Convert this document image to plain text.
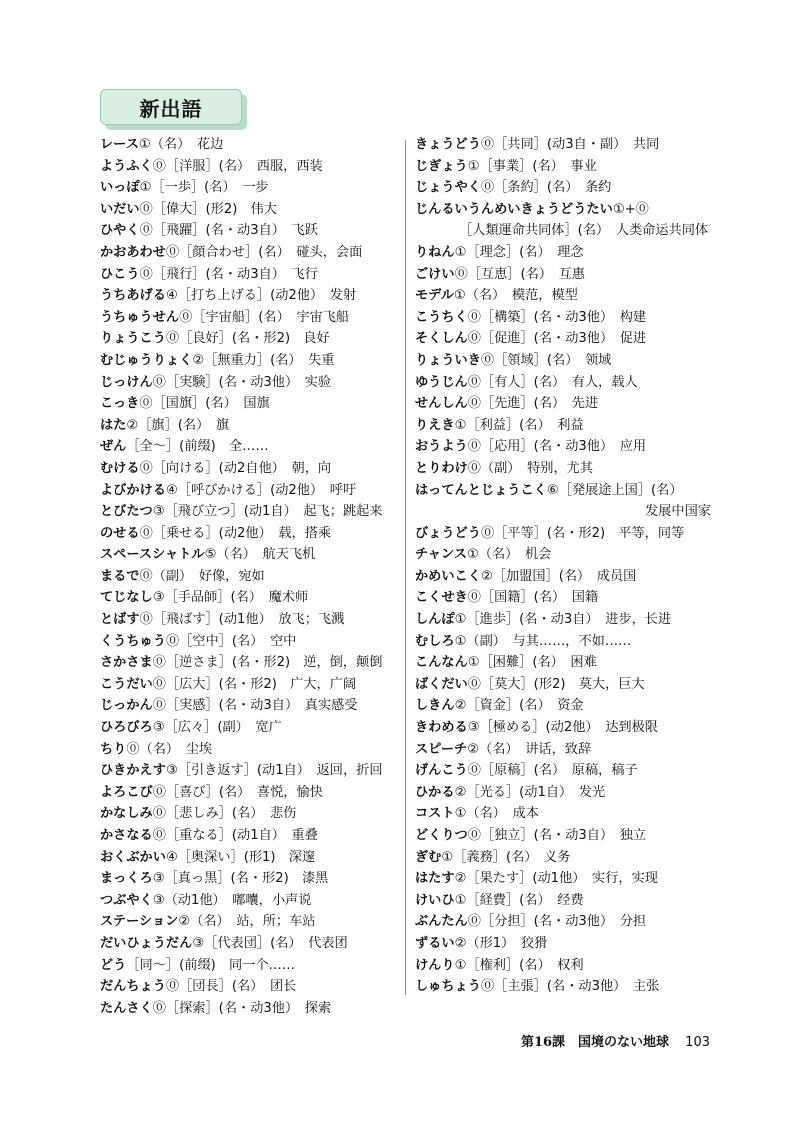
新出語
レース①（名）　花边
ようふく⓪［洋服］(名）　西服，西装
いっぽ①［一歩］(名）　一步
いだい⓪［偉大］(形2)　伟大
ひやく⓪［飛躍］(名・动3自）　飞跃
かおあわせ⓪［顔合わせ］(名）　碰头，会面
ひこう⓪［飛行］(名・动3自）　飞行
うちあげる④［打ち上げる］(动2他）　发射
うちゅうせん⓪［宇宙船］(名）　宇宙飞船
りょうこう⓪［良好］(名・形2)　良好
むじゅうりょく②［無重力］(名）　失重
じっけん⓪［実験］(名・动3他）　实验
こっき⓪［国旗］(名）　国旗
はた②［旗］(名）　旗
ぜん［全～］(前缀)　全……
むける⓪［向ける］(动2自他）　朝，向
よびかける④［呼びかける］(动2他）　呼吁
とびたつ③［飛び立つ］(动1自）　起飞；跳起来
のせる⓪［乗せる］(动2他）　载，搭乘
スペースシャトル⑤（名）　航天飞机
まるで⓪（副）　好像，宛如
てじなし③［手品師］(名）　魔术师
とばす⓪［飛ばす］(动1他）　放飞；飞溅
くうちゅう⓪［空中］(名）　空中
さかさま⓪［逆さま］(名・形2)　逆，倒，颠倒
こうだい⓪［広大］(名・形2)　广大，广阔
じっかん⓪［実感］(名・动3自）　真实感受
ひろびろ③［広々］(副）　宽广
ちり⓪（名）　尘埃
ひきかえす③［引き返す］(动1自）　返回，折回
よろこび⓪［喜び］(名）　喜悦，愉快
かなしみ⓪［悲しみ］(名）　悲伤
かさなる⓪［重なる］(动1自）　重叠
おくぶかい④［奥深い］(形1)　深邃
まっくろ③［真っ黒］(名・形2)　漆黑
つぶやく③（动1他）　嘟囔，小声说
ステーション②（名）　站，所；车站
だいひょうだん③［代表団］(名）　代表团
どう［同～］(前缀)　同一个……
だんちょう⓪［団長］(名）　团长
たんさく⓪［探索］(名・动3他）　探索
きょうどう⓪［共同］(动3自・副）　共同
じぎょう①［事業］(名）　事业
じょうやく⓪［条約］(名）　条约
じんるいうんめいきょうどうたい①+⓪
［人類運命共同体］(名）　人类命运共同体
りねん①［理念］(名）　理念
ごけい⓪［互恵］(名）　互惠
モデル①（名）　模范，模型
こうちく⓪［構築］(名・动3他）　构建
そくしん⓪［促進］(名・动3他）　促进
りょういき⓪［領域］(名）　领域
ゆうじん⓪［有人］(名）　有人，载人
せんしん⓪［先進］(名）　先进
りえき①［利益］(名）　利益
おうよう⓪［応用］(名・动3他）　应用
とりわけ⓪（副）　特别，尤其
はってんとじょうこく⑥［発展途上国］(名）
发展中国家
びょうどう⓪［平等］(名・形2)　平等，同等
チャンス①（名）　机会
かめいこく②［加盟国］(名）　成员国
こくせき⓪［国籍］(名）　国籍
しんぽ①［進歩］(名・动3自）　进步，长进
むしろ①（副）　与其……，不如……
こんなん①［困難］(名）　困难
ばくだい⓪［莫大］(形2)　莫大，巨大
しきん②［資金］(名）　资金
きわめる③［極める］(动2他）　达到极限
スピーチ②（名）　讲话，致辞
げんこう⓪［原稿］(名）　原稿，稿子
ひかる②［光る］(动1自）　发光
コスト①（名）　成本
どくりつ⓪［独立］(名・动3自）　独立
ぎむ①［義務］(名）　义务
はたす②［果たす］(动1他）　实行，实现
けいひ①［経費］(名）　经费
ぶんたん⓪［分担］(名・动3他）　分担
ずるい②（形1）　狡猾
けんり①［権利］(名）　权利
しゅちょう⓪［主張］(名・动3他）　主张
第16課　国境のない地球 103
